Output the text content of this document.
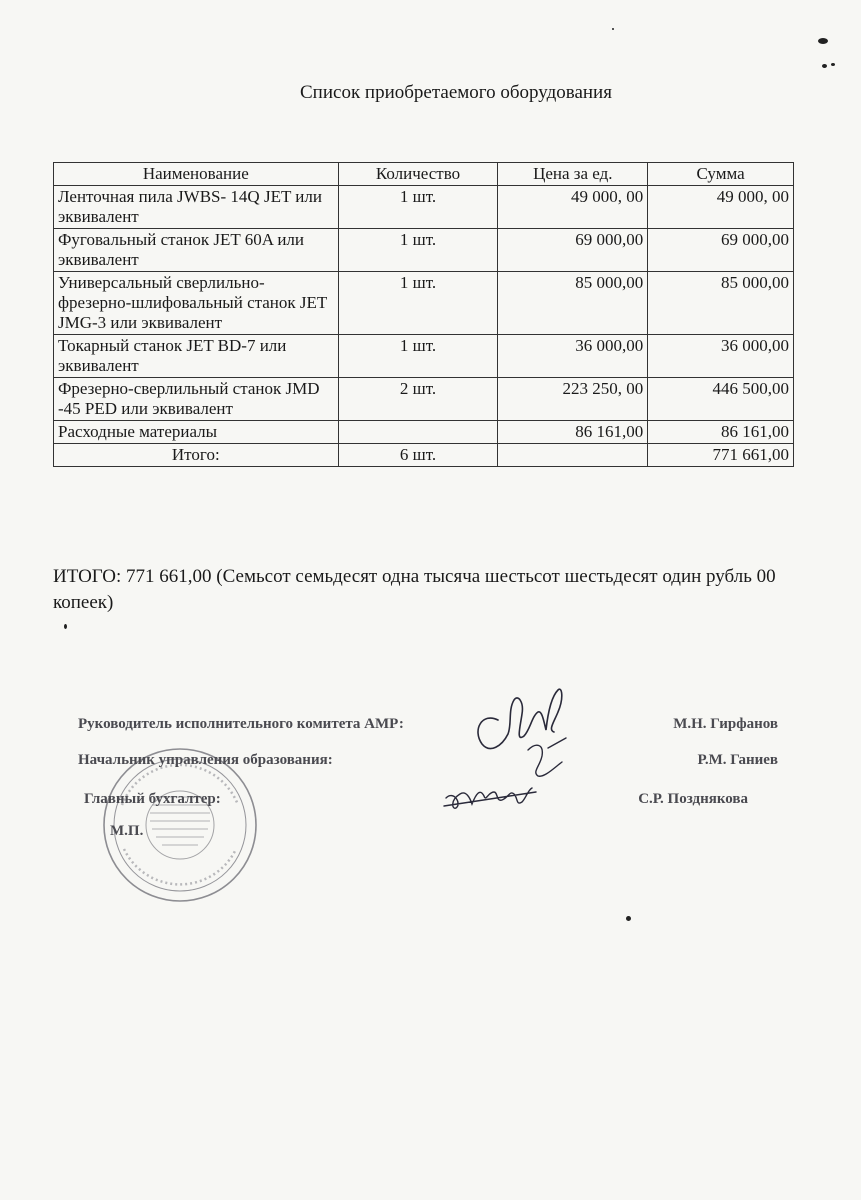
Список приобретаемого оборудования
Наименование	Количество	Цена за ед.	Сумма
Ленточная пила JWBS- 14Q JET или эквивалент	1 шт.	49 000, 00	49 000, 00
Фуговальный станок JET 60A или эквивалент	1 шт.	69 000,00	69 000,00
Универсальный сверлильно-фрезерно-шлифовальный станок JET JMG-3 или эквивалент	1 шт.	85 000,00	85 000,00
Токарный станок JET BD-7 или эквивалент	1 шт.	36 000,00	36 000,00
Фрезерно-сверлильный станок JMD -45 PED или эквивалент	2 шт.	223 250, 00	446 500,00
Расходные материалы		86 161,00	86 161,00
Итого:	6 шт.		771 661,00
ИТОГО: 771 661,00 (Семьсот семьдесят одна тысяча шестьсот шестьдесят один рубль 00 копеек)
Руководитель исполнительного комитета АМР:	М.Н. Гирфанов
Начальник управления образования:	Р.М. Ганиев
Главный бухгалтер:	С.Р. Позднякова
М.П.
